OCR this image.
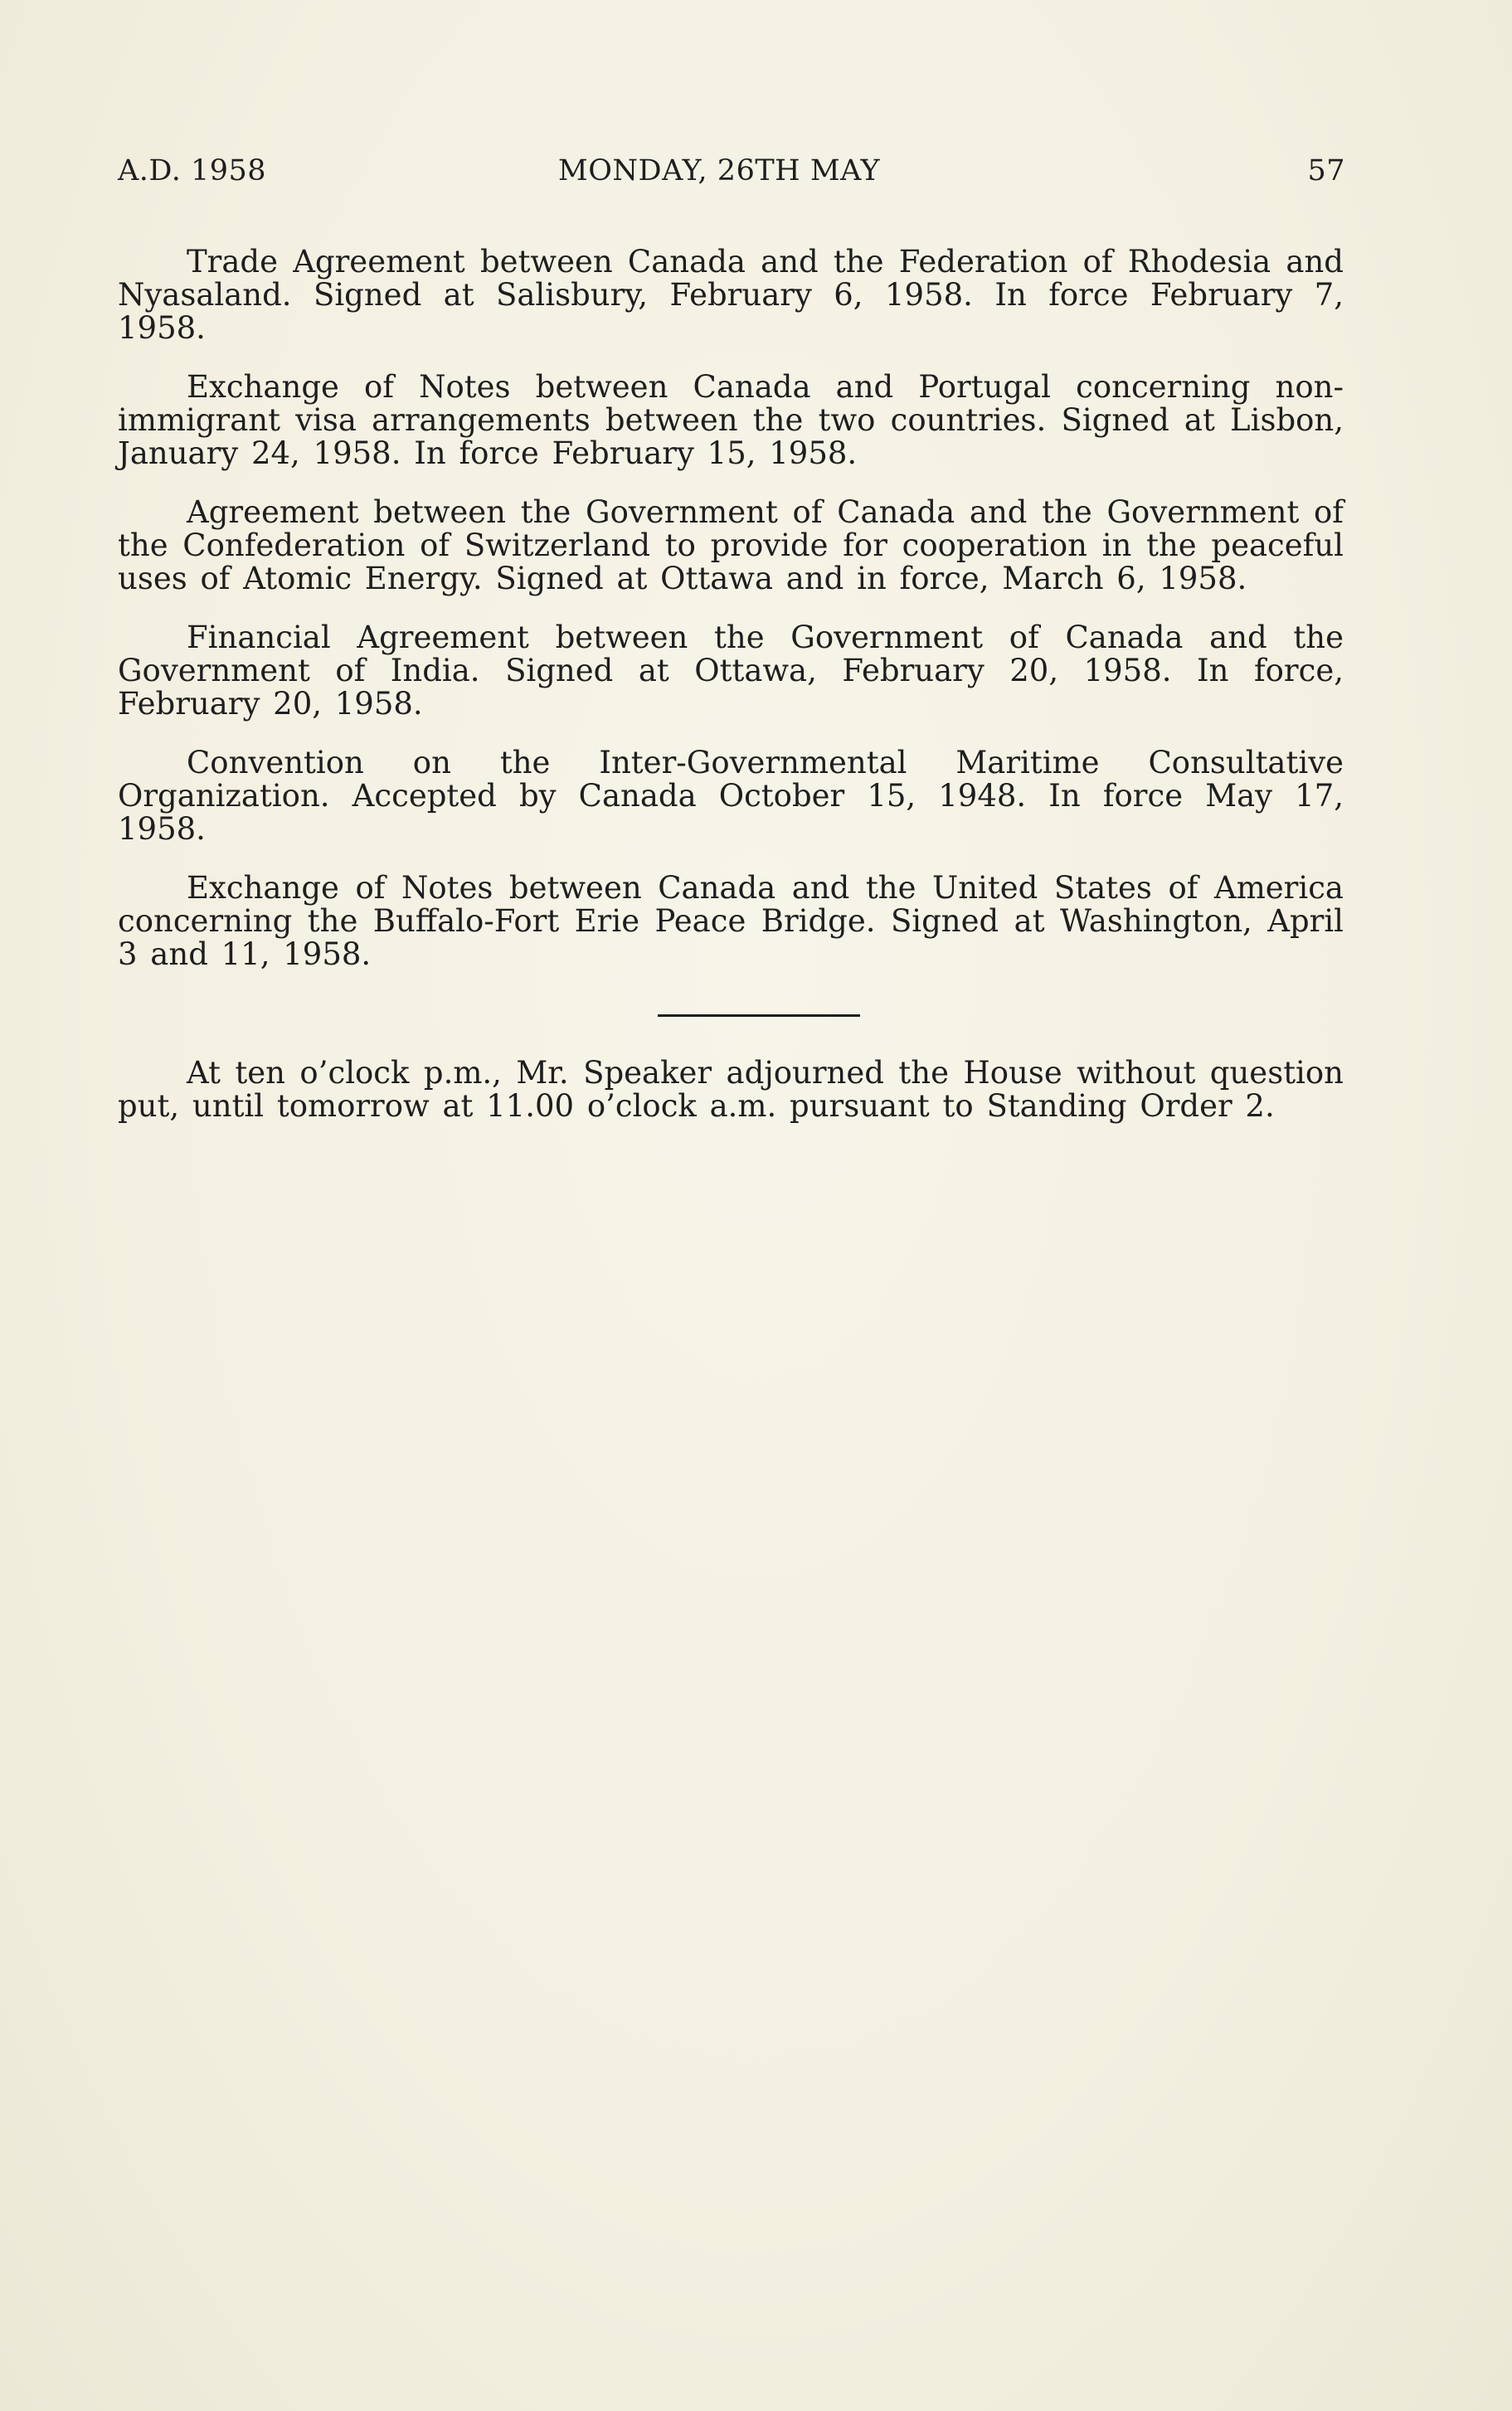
A.D. 1958	MONDAY, 26TH MAY	57

Trade Agreement between Canada and the Federation of Rhodesia and Nyasaland. Signed at Salisbury, February 6, 1958. In force February 7, 1958.

Exchange of Notes between Canada and Portugal concerning non-immigrant visa arrangements between the two countries. Signed at Lisbon, January 24, 1958. In force February 15, 1958.

Agreement between the Government of Canada and the Government of the Confederation of Switzerland to provide for cooperation in the peaceful uses of Atomic Energy. Signed at Ottawa and in force, March 6, 1958.

Financial Agreement between the Government of Canada and the Government of India. Signed at Ottawa, February 20, 1958. In force, February 20, 1958.

Convention on the Inter-Governmental Maritime Consultative Organization. Accepted by Canada October 15, 1948. In force May 17, 1958.

Exchange of Notes between Canada and the United States of America concerning the Buffalo-Fort Erie Peace Bridge. Signed at Washington, April 3 and 11, 1958.

At ten o’clock p.m., Mr. Speaker adjourned the House without question put, until tomorrow at 11.00 o’clock a.m. pursuant to Standing Order 2.
